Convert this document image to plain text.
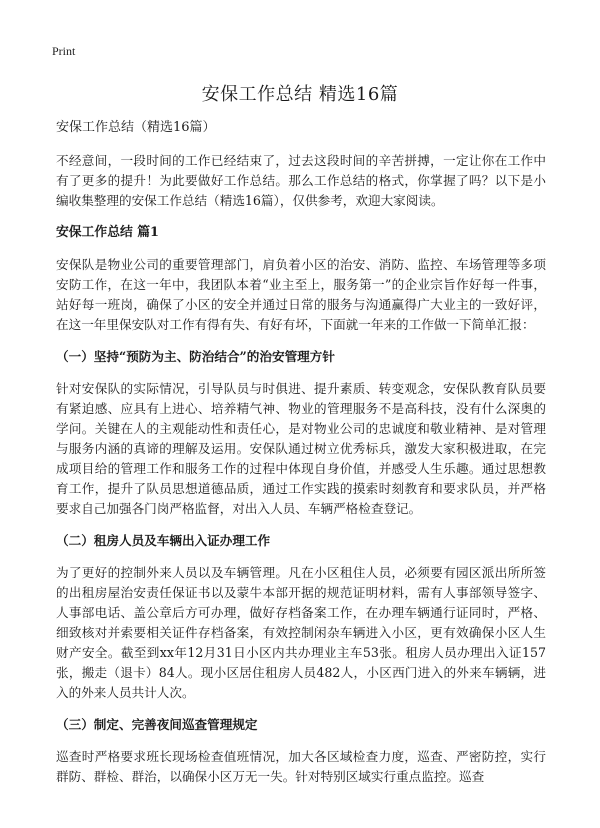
Print
安保工作总结 精选16篇
安保工作总结（精选16篇）

不经意间，一段时间的工作已经结束了，过去这段时间的辛苦拼搏，一定让你在工作中有了更多的提升！为此要做好工作总结。那么工作总结的格式，你掌握了吗？以下是小编收集整理的安保工作总结（精选16篇），仅供参考，欢迎大家阅读。

安保工作总结 篇1

安保队是物业公司的重要管理部门，肩负着小区的治安、消防、监控、车场管理等多项安防工作，在这一年中，我团队本着“业主至上，服务第一”的企业宗旨作好每一件事，站好每一班岗，确保了小区的安全并通过日常的服务与沟通赢得广大业主的一致好评，在这一年里保安队对工作有得有失、有好有坏，下面就一年来的工作做一下简单汇报：

（一）坚持“预防为主、防治结合”的治安管理方针

针对安保队的实际情况，引导队员与时俱进、提升素质、转变观念，安保队教育队员要有紧迫感、应具有上进心、培养精气神、物业的管理服务不是高科技，没有什么深奥的学问。关键在人的主观能动性和责任心，是对物业公司的忠诚度和敬业精神、是对管理与服务内涵的真谛的理解及运用。安保队通过树立优秀标兵，激发大家积极进取，在完成项目给的管理工作和服务工作的过程中体现自身价值，并感受人生乐趣。通过思想教育工作，提升了队员思想道德品质，通过工作实践的摸索时刻教育和要求队员，并严格要求自己加强各门岗严格监督，对出入人员、车辆严格检查登记。

（二）租房人员及车辆出入证办理工作

为了更好的控制外来人员以及车辆管理。凡在小区租住人员，必须要有园区派出所所签的出租房屋治安责任保证书以及蒙牛本部开据的规范证明材料，需有人事部领导签字、人事部电话、盖公章后方可办理，做好存档备案工作，在办理车辆通行证同时，严格、细致核对并索要相关证件存档备案，有效控制闲杂车辆进入小区，更有效确保小区人生财产安全。截至到xx年12月31日小区内共办理业主车53张。租房人员办理出入证157张，搬走（退卡）84人。现小区居住租房人员482人，小区西门进入的外来车辆辆，进入的外来人员共计人次。

（三）制定、完善夜间巡查管理规定

巡查时严格要求班长现场检查值班情况，加大各区域检查力度，巡查、严密防控，实行群防、群检、群治，以确保小区万无一失。针对特别区域实行重点监控。巡查
